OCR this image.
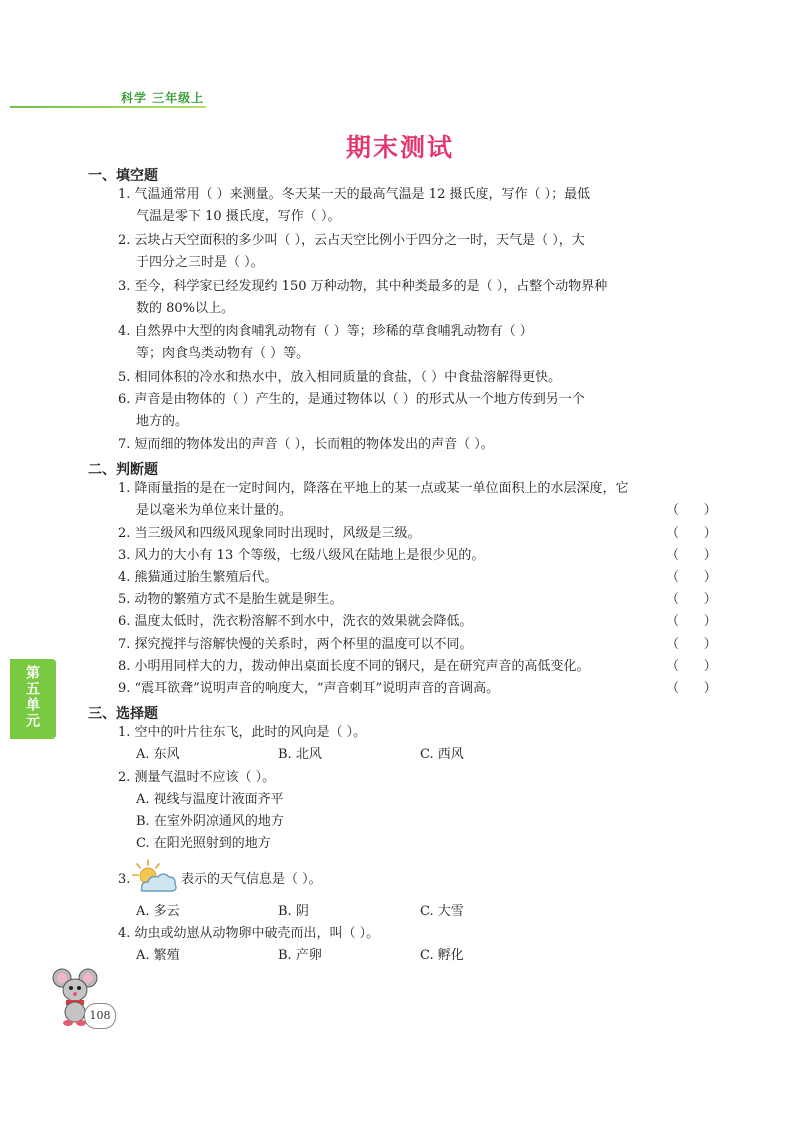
科学 三年级上
期末测试
一、填空题
1. 气温通常用（ ）来测量。冬天某一天的最高气温是 12 摄氏度，写作（ ）；最低
气温是零下 10 摄氏度，写作（ ）。
2. 云块占天空面积的多少叫（ ），云占天空比例小于四分之一时，天气是（ ），大
于四分之三时是（ ）。
3. 至今，科学家已经发现约 150 万种动物，其中种类最多的是（ ），占整个动物界种
数的 80%以上。
4. 自然界中大型的肉食哺乳动物有（ ）等；珍稀的草食哺乳动物有（ ）
等；肉食鸟类动物有（ ）等。
5. 相同体积的冷水和热水中，放入相同质量的食盐，（ ）中食盐溶解得更快。
6. 声音是由物体的（ ）产生的，是通过物体以（ ）的形式从一个地方传到另一个
地方的。
7. 短而细的物体发出的声音（ ），长而粗的物体发出的声音（ ）。
二、判断题
1. 降雨量指的是在一定时间内，降落在平地上的某一点或某一单位面积上的水层深度，它
是以毫米为单位来计量的。	（      ）
2. 当三级风和四级风现象同时出现时，风级是三级。	（      ）
3. 风力的大小有 13 个等级，七级八级风在陆地上是很少见的。	（      ）
4. 熊猫通过胎生繁殖后代。	（      ）
5. 动物的繁殖方式不是胎生就是卵生。	（      ）
6. 温度太低时，洗衣粉溶解不到水中，洗衣的效果就会降低。	（      ）
7. 探究搅拌与溶解快慢的关系时，两个杯里的温度可以不同。	（      ）
8. 小明用同样大的力，拨动伸出桌面长度不同的钢尺，是在研究声音的高低变化。	（      ）
9. “震耳欲聋”说明声音的响度大，“声音刺耳”说明声音的音调高。	（      ）
三、选择题
1. 空中的叶片往东飞，此时的风向是（ ）。
A. 东风	B. 北风	C. 西风
2. 测量气温时不应该（ ）。
A. 视线与温度计液面齐平
B. 在室外阴凉通风的地方
C. 在阳光照射到的地方
3.	表示的天气信息是（ ）。
A. 多云	B. 阴	C. 大雪
4. 幼虫或幼崽从动物卵中破壳而出，叫（ ）。
A. 繁殖	B. 产卵	C. 孵化
第五单元
108
